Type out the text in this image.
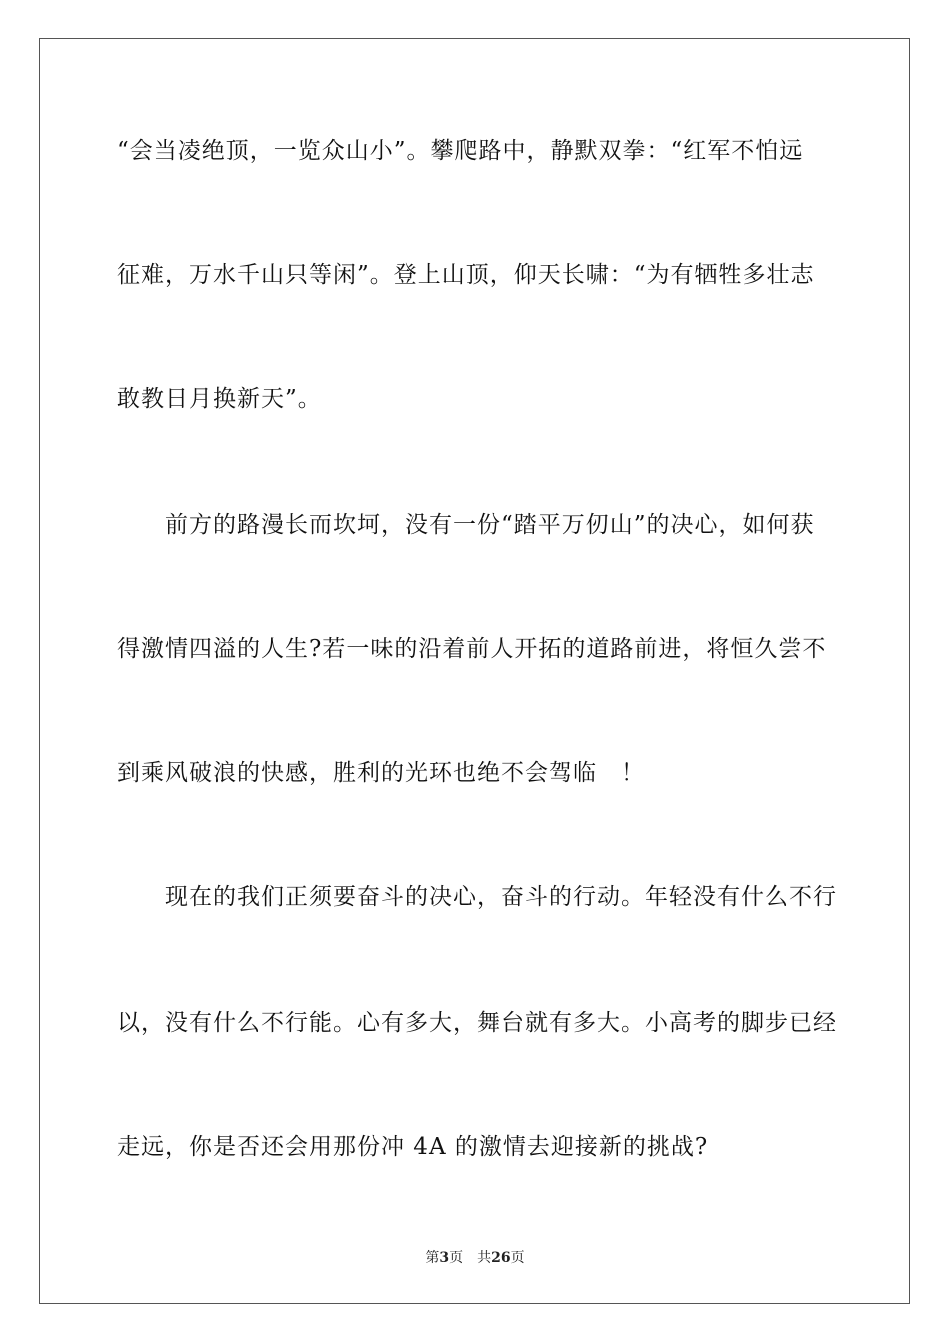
“会当凌绝顶，一览众山小”。攀爬路中，静默双拳：“红军不怕远
征难，万水千山只等闲”。登上山顶，仰天长啸：“为有牺牲多壮志
敢教日月换新天”。
　　前方的路漫长而坎坷，没有一份“踏平万仞山”的决心，如何获
得激情四溢的人生?若一味的沿着前人开拓的道路前进，将恒久尝不
到乘风破浪的快感，胜利的光环也绝不会驾临　！
　　现在的我们正须要奋斗的决心，奋斗的行动。年轻没有什么不行
以，没有什么不行能。心有多大，舞台就有多大。小高考的脚步已经
走远，你是否还会用那份冲 4A 的激情去迎接新的挑战?
第3页　共26页
